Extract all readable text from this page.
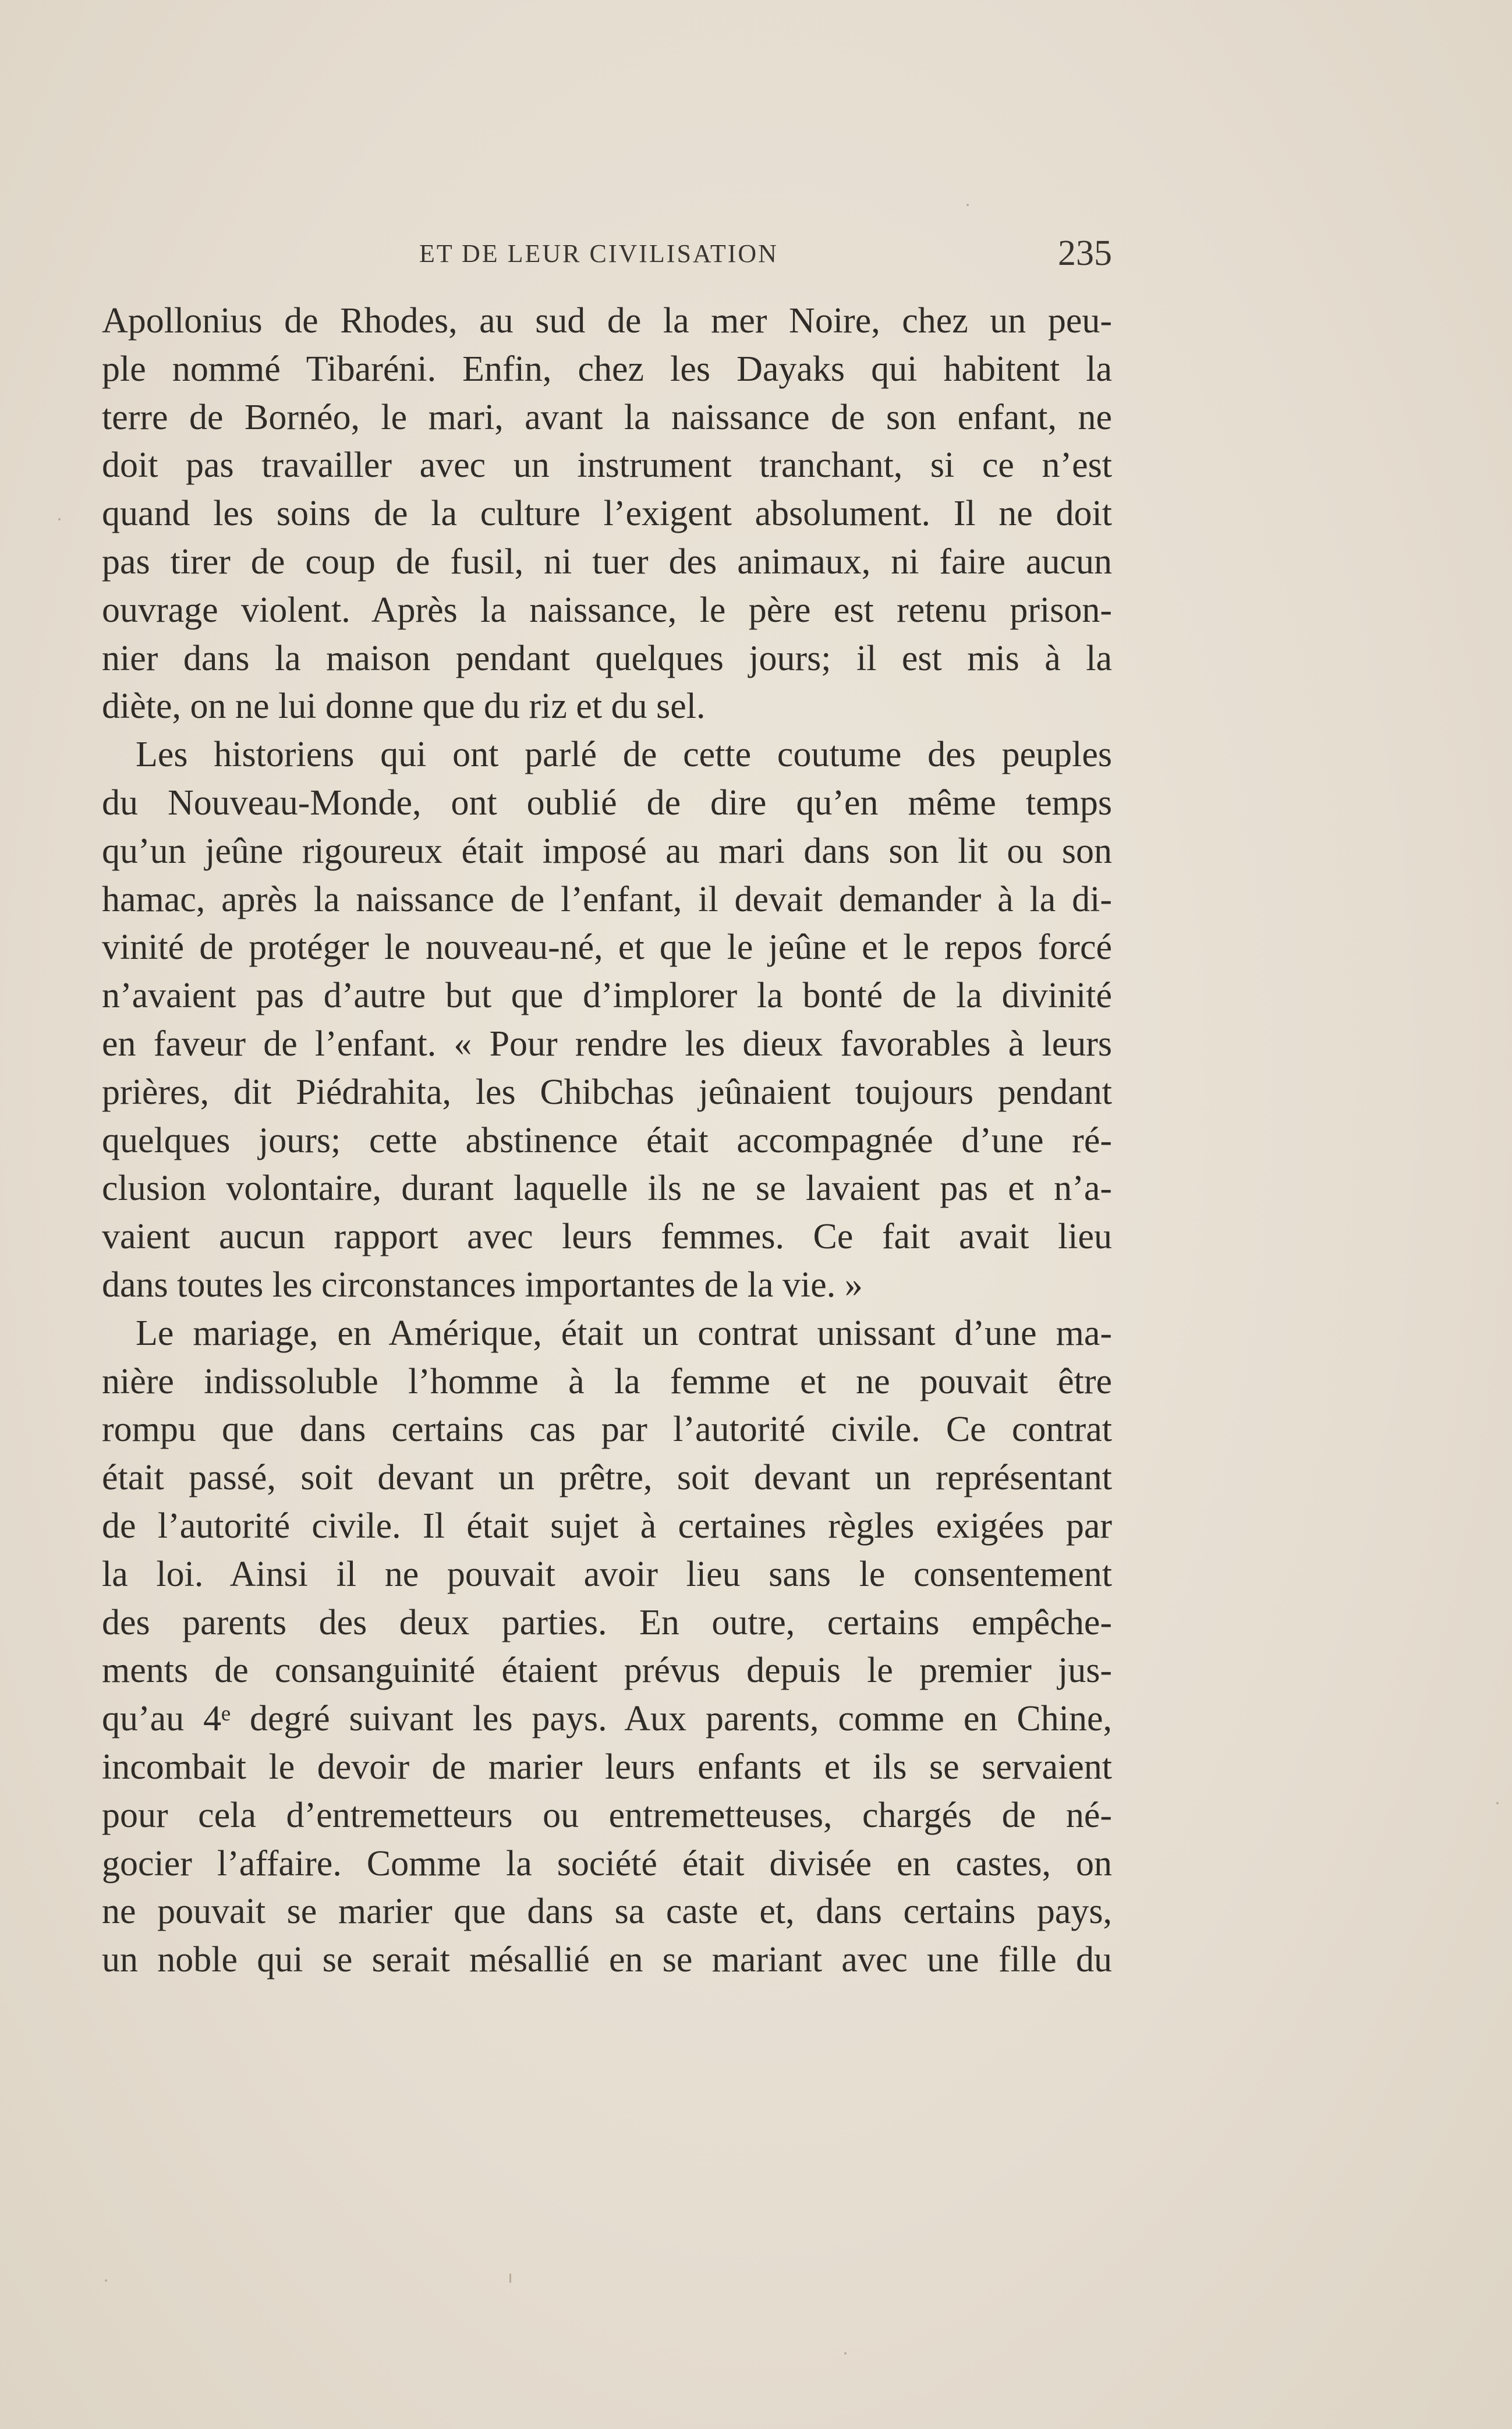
ET DE LEUR CIVILISATION	235
Apollonius de Rhodes, au sud de la mer Noire, chez un peu-
ple nommé Tibaréni. Enfin, chez les Dayaks qui habitent la
terre de Bornéo, le mari, avant la naissance de son enfant, ne
doit pas travailler avec un instrument tranchant, si ce n’est
quand les soins de la culture l’exigent absolument. Il ne doit
pas tirer de coup de fusil, ni tuer des animaux, ni faire aucun
ouvrage violent. Après la naissance, le père est retenu prison-
nier dans la maison pendant quelques jours; il est mis à la
diète, on ne lui donne que du riz et du sel.
Les historiens qui ont parlé de cette coutume des peuples
du Nouveau-Monde, ont oublié de dire qu’en même temps
qu’un jeûne rigoureux était imposé au mari dans son lit ou son
hamac, après la naissance de l’enfant, il devait demander à la di-
vinité de protéger le nouveau-né, et que le jeûne et le repos forcé
n’avaient pas d’autre but que d’implorer la bonté de la divinité
en faveur de l’enfant. « Pour rendre les dieux favorables à leurs
prières, dit Piédrahita, les Chibchas jeûnaient toujours pendant
quelques jours; cette abstinence était accompagnée d’une ré-
clusion volontaire, durant laquelle ils ne se lavaient pas et n’a-
vaient aucun rapport avec leurs femmes. Ce fait avait lieu
dans toutes les circonstances importantes de la vie. »
Le mariage, en Amérique, était un contrat unissant d’une ma-
nière indissoluble l’homme à la femme et ne pouvait être
rompu que dans certains cas par l’autorité civile. Ce contrat
était passé, soit devant un prêtre, soit devant un représentant
de l’autorité civile. Il était sujet à certaines règles exigées par
la loi. Ainsi il ne pouvait avoir lieu sans le consentement
des parents des deux parties. En outre, certains empêche-
ments de consanguinité étaient prévus depuis le premier jus-
qu’au 4ᵉ degré suivant les pays. Aux parents, comme en Chine,
incombait le devoir de marier leurs enfants et ils se servaient
pour cela d’entremetteurs ou entremetteuses, chargés de né-
gocier l’affaire. Comme la société était divisée en castes, on
ne pouvait se marier que dans sa caste et, dans certains pays,
un noble qui se serait mésallié en se mariant avec une fille du
